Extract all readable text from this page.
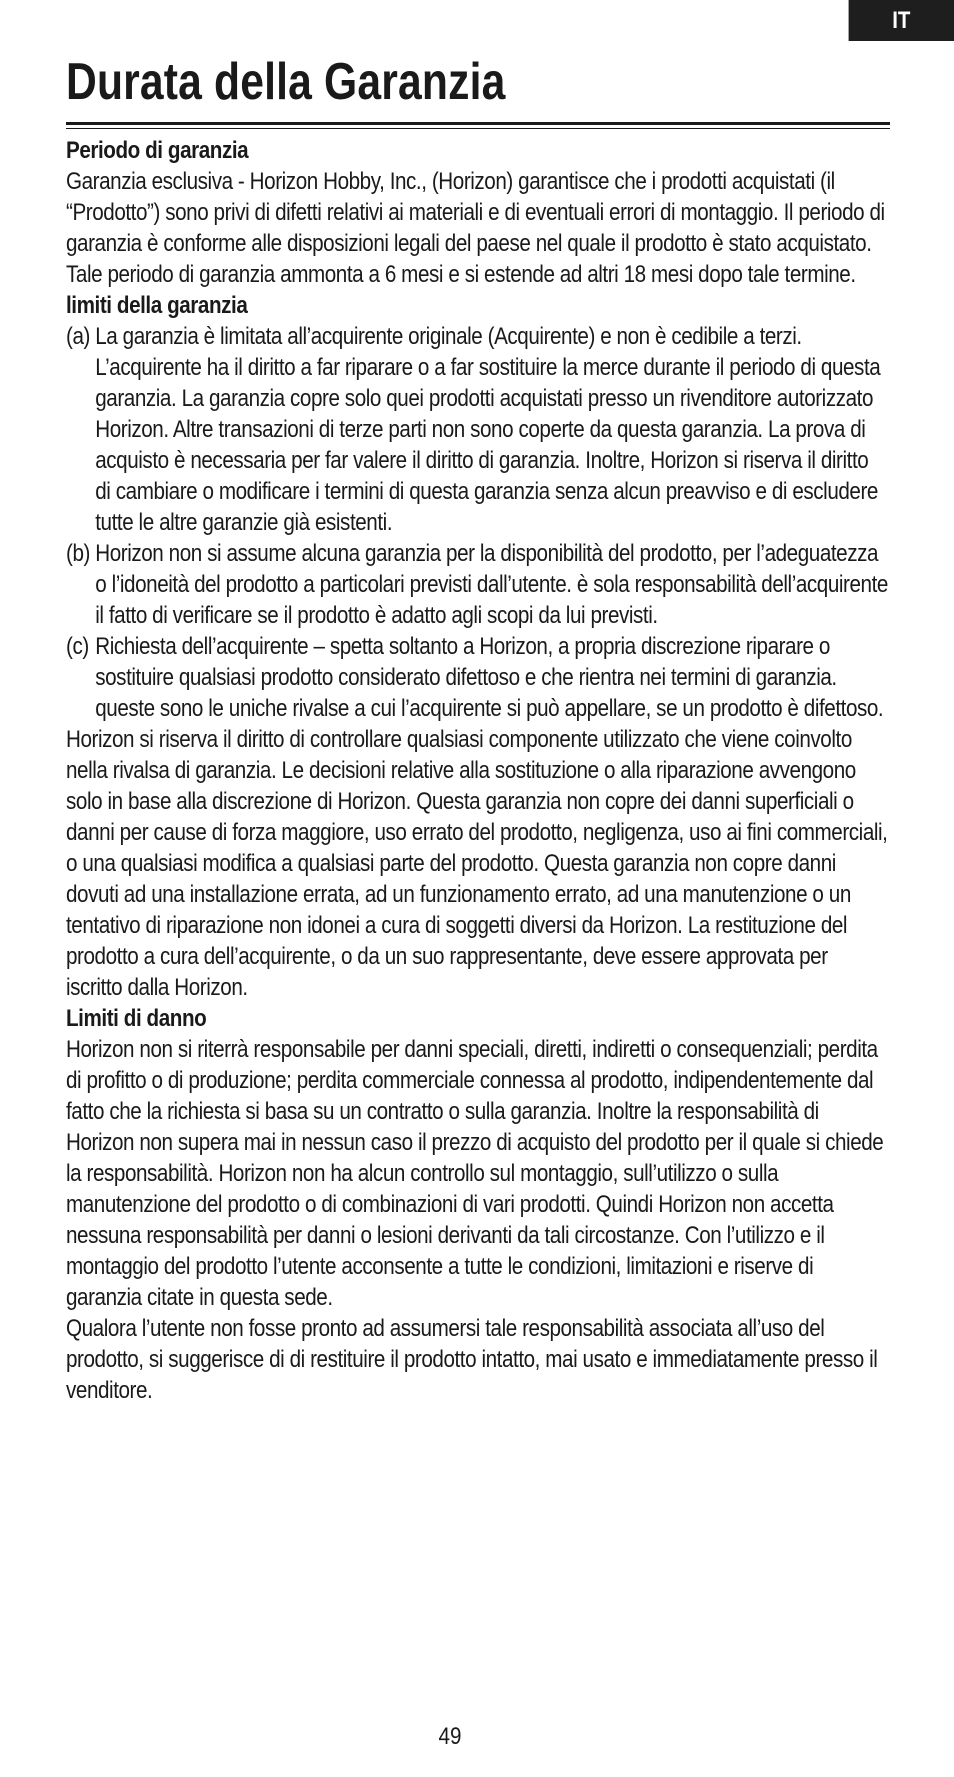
IT
Durata della Garanzia

Periodo di garanzia

Garanzia esclusiva - Horizon Hobby, Inc., (Horizon) garantisce che i prodotti acquistati (il “Prodotto”) sono privi di difetti relativi ai materiali e di eventuali errori di montaggio. Il periodo di garanzia è conforme alle disposizioni legali del paese nel quale il prodotto è stato acquistato. Tale periodo di garanzia ammonta a 6 mesi e si estende ad altri 18 mesi dopo tale termine.

limiti della garanzia

(a) La garanzia è limitata all’acquirente originale (Acquirente) e non è cedibile a terzi. L’acquirente ha il diritto a far riparare o a far sostituire la merce durante il periodo di questa garanzia. La garanzia copre solo quei prodotti acquistati presso un rivenditore autorizzato Horizon. Altre transazioni di terze parti non sono coperte da questa garanzia. La prova di acquisto è necessaria per far valere il diritto di garanzia. Inoltre, Horizon si riserva il diritto di cambiare o modificare i termini di questa garanzia senza alcun preavviso e di escludere tutte le altre garanzie già esistenti.
(b) Horizon non si assume alcuna garanzia per la disponibilità del prodotto, per l’adeguatezza o l’idoneità del prodotto a particolari previsti dall’utente. è sola responsabilità dell’acquirente il fatto di verificare se il prodotto è adatto agli scopi da lui previsti.
(c) Richiesta dell’acquirente – spetta soltanto a Horizon, a propria discrezione riparare o sostituire qualsiasi prodotto considerato difettoso e che rientra nei termini di garanzia. queste sono le uniche rivalse a cui l’acquirente si può appellare, se un prodotto è difettoso.

Horizon si riserva il diritto di controllare qualsiasi componente utilizzato che viene coinvolto nella rivalsa di garanzia. Le decisioni relative alla sostituzione o alla riparazione avvengono solo in base alla discrezione di Horizon. Questa garanzia non copre dei danni superficiali o danni per cause di forza maggiore, uso errato del prodotto, negligenza, uso ai fini commerciali, o una qualsiasi modifica a qualsiasi parte del prodotto. Questa garanzia non copre danni dovuti ad una installazione errata, ad un funzionamento errato, ad una manutenzione o un tentativo di riparazione non idonei a cura di soggetti diversi da Horizon. La restituzione del prodotto a cura dell’acquirente, o da un suo rappresentante, deve essere approvata per iscritto dalla Horizon.

Limiti di danno

Horizon non si riterrà responsabile per danni speciali, diretti, indiretti o consequenziali; perdita di profitto o di produzione; perdita commerciale connessa al prodotto, indipendentemente dal fatto che la richiesta si basa su un contratto o sulla garanzia. Inoltre la responsabilità di Horizon non supera mai in nessun caso il prezzo di acquisto del prodotto per il quale si chiede la responsabilità. Horizon non ha alcun controllo sul montaggio, sull’utilizzo o sulla manutenzione del prodotto o di combinazioni di vari prodotti. Quindi Horizon non accetta nessuna responsabilità per danni o lesioni derivanti da tali circostanze. Con l’utilizzo e il montaggio del prodotto l’utente acconsente a tutte le condizioni, limitazioni e riserve di garanzia citate in questa sede.

Qualora l’utente non fosse pronto ad assumersi tale responsabilità associata all’uso del prodotto, si suggerisce di di restituire il prodotto intatto, mai usato e immediatamente presso il venditore.

49
